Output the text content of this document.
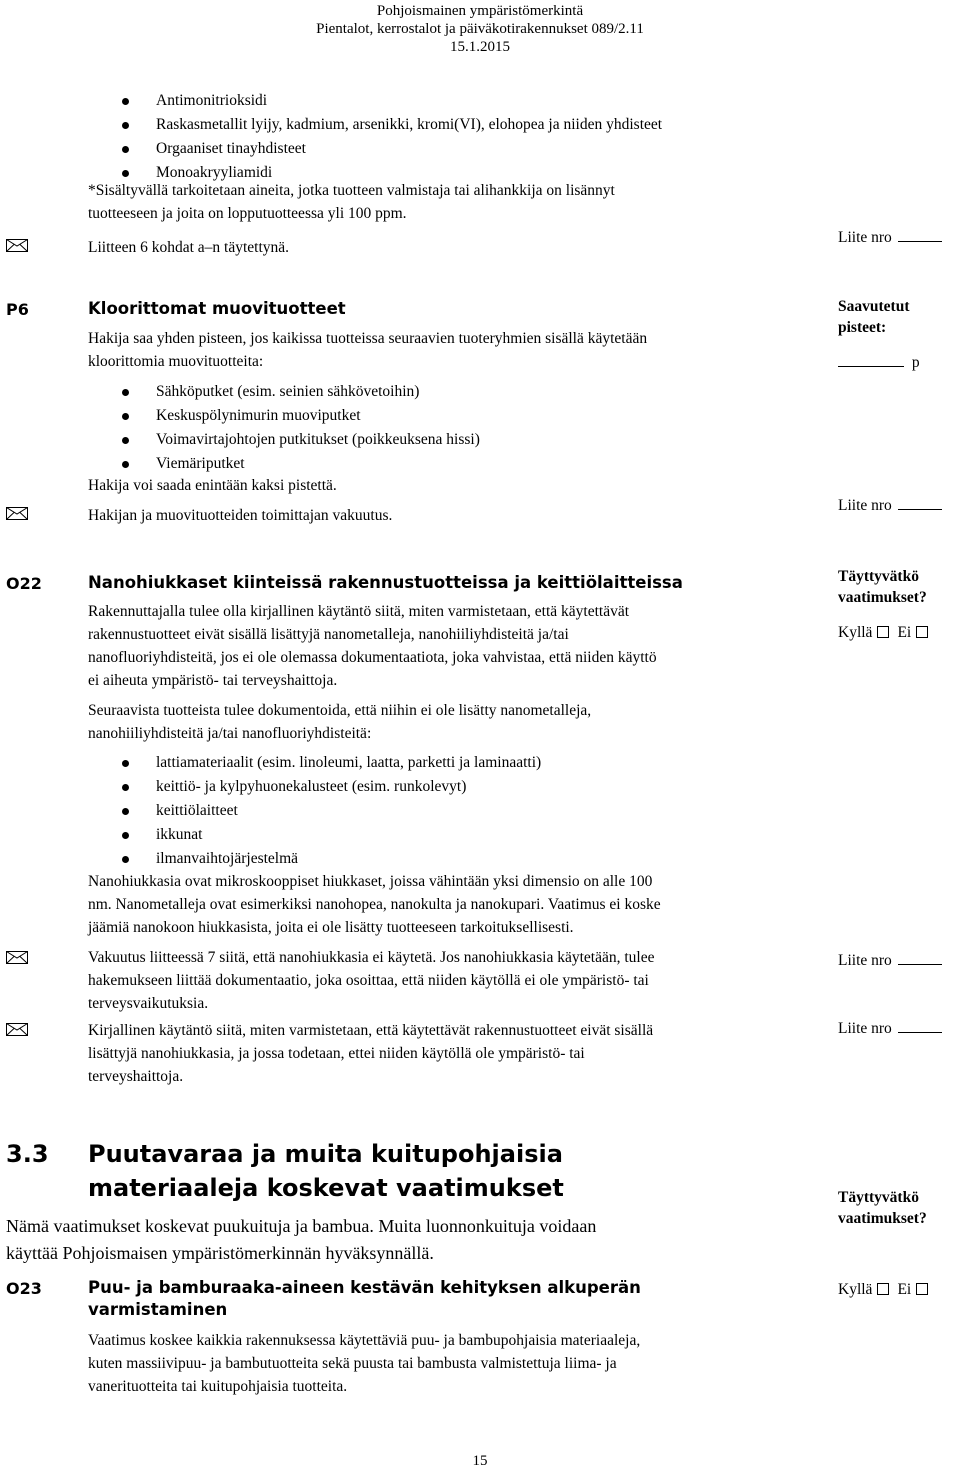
Pohjoismainen ympäristömerkintä
Pientalot, kerrostalot ja päiväkotirakennukset 089/2.11
15.1.2015
Antimonitrioksidi
Raskasmetallit lyijy, kadmium, arsenikki, kromi(VI), elohopea ja niiden yhdisteet
Orgaaniset tinayhdisteet
Monoakryyliamidi
*Sisältyvällä tarkoitetaan aineita, jotka tuotteen valmistaja tai alihankkija on lisännyt
tuotteeseen ja joita on lopputuotteessa yli 100 ppm.
Liitteen 6 kohdat a–n täytettynä.
Liite nro
P6	Kloorittomat muovituotteet
Hakija saa yhden pisteen, jos kaikissa tuotteissa seuraavien tuoteryhmien sisällä käytetään
kloorittomia muovituotteita:
Sähköputket (esim. seinien sähkövetoihin)
Keskuspölynimurin muoviputket
Voimavirtajohtojen putkitukset (poikkeuksena hissi)
Viemäriputket
Hakija voi saada enintään kaksi pistettä.
Hakijan ja muovituotteiden toimittajan vakuutus.
Saavutetut
pisteet:
p
Liite nro
O22	Nanohiukkaset kiinteissä rakennustuotteissa ja keittiölaitteissa
Rakennuttajalla tulee olla kirjallinen käytäntö siitä, miten varmistetaan, että käytettävät
rakennustuotteet eivät sisällä lisättyjä nanometalleja, nanohiiliyhdisteitä ja/tai
nanofluoriyhdisteitä, jos ei ole olemassa dokumentaatiota, joka vahvistaa, että niiden käyttö
ei aiheuta ympäristö- tai terveyshaittoja.
Seuraavista tuotteista tulee dokumentoida, että niihin ei ole lisätty nanometalleja,
nanohiiliyhdisteitä ja/tai nanofluoriyhdisteitä:
lattiamateriaalit (esim. linoleumi, laatta, parketti ja laminaatti)
keittiö- ja kylpyhuonekalusteet (esim. runkolevyt)
keittiölaitteet
ikkunat
ilmanvaihtojärjestelmä
Nanohiukkasia ovat mikroskooppiset hiukkaset, joissa vähintään yksi dimensio on alle 100
nm. Nanometalleja ovat esimerkiksi nanohopea, nanokulta ja nanokupari. Vaatimus ei koske
jäämiä nanokoon hiukkasista, joita ei ole lisätty tuotteeseen tarkoituksellisesti.
Vakuutus liitteessä 7 siitä, että nanohiukkasia ei käytetä. Jos nanohiukkasia käytetään, tulee
hakemukseen liittää dokumentaatio, joka osoittaa, että niiden käytöllä ei ole ympäristö- tai
terveysvaikutuksia.
Kirjallinen käytäntö siitä, miten varmistetaan, että käytettävät rakennustuotteet eivät sisällä
lisättyjä nanohiukkasia, ja jossa todetaan, ettei niiden käytöllä ole ympäristö- tai
terveyshaittoja.
Täyttyvätkö
vaatimukset?
Kyllä Ei
Liite nro
Liite nro
3.3 Puutavaraa ja muita kuitupohjaisia materiaaleja koskevat vaatimukset
Nämä vaatimukset koskevat puukuituja ja bambua. Muita luonnonkuituja voidaan
käyttää Pohjoismaisen ympäristömerkinnän hyväksynnällä.
Täyttyvätkö
vaatimukset?
O23	Puu- ja bamburaaka-aineen kestävän kehityksen alkuperän
varmistaminen
Vaatimus koskee kaikkia rakennuksessa käytettäviä puu- ja bambupohjaisia materiaaleja,
kuten massiivipuu- ja bambutuotteita sekä puusta tai bambusta valmistettuja liima- ja
vanerituotteita tai kuitupohjaisia tuotteita.
Kyllä Ei
15
